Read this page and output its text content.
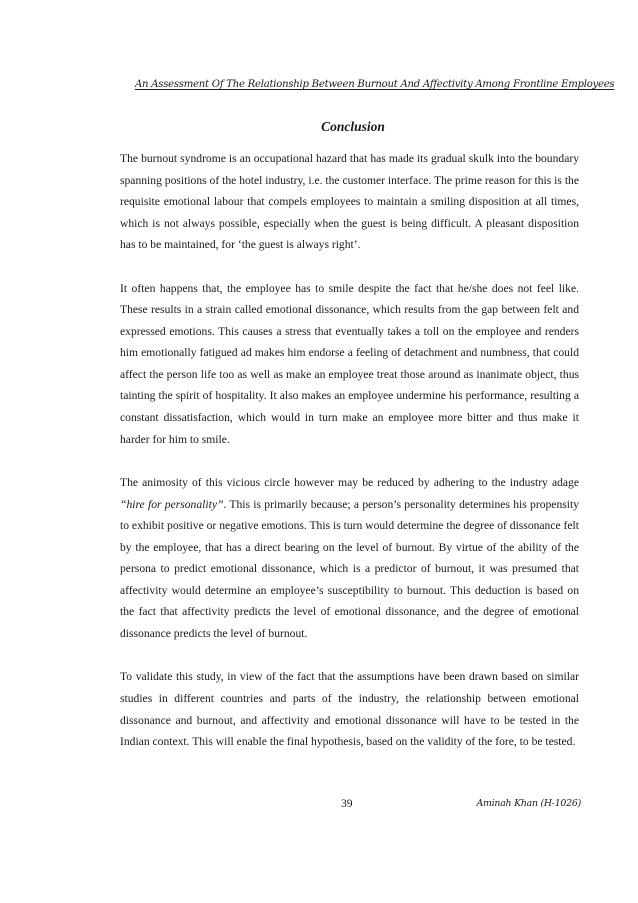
An Assessment Of The Relationship Between Burnout And Affectivity Among Frontline Employees
Conclusion

The burnout syndrome is an occupational hazard that has made its gradual skulk into the boundary spanning positions of the hotel industry, i.e. the customer interface. The prime reason for this is the requisite emotional labour that compels employees to maintain a smiling disposition at all times, which is not always possible, especially when the guest is being difficult. A pleasant disposition has to be maintained, for ‘the guest is always right’.

It often happens that, the employee has to smile despite the fact that he/she does not feel like. These results in a strain called emotional dissonance, which results from the gap between felt and expressed emotions. This causes a stress that eventually takes a toll on the employee and renders him emotionally fatigued ad makes him endorse a feeling of detachment and numbness, that could affect the person life too as well as make an employee treat those around as inanimate object, thus tainting the spirit of hospitality. It also makes an employee undermine his performance, resulting a constant dissatisfaction, which would in turn make an employee more bitter and thus make it harder for him to smile.

The animosity of this vicious circle however may be reduced by adhering to the industry adage “hire for personality”. This is primarily because; a person’s personality determines his propensity to exhibit positive or negative emotions. This is turn would determine the degree of dissonance felt by the employee, that has a direct bearing on the level of burnout. By virtue of the ability of the persona to predict emotional dissonance, which is a predictor of burnout, it was presumed that affectivity would determine an employee’s susceptibility to burnout. This deduction is based on the fact that affectivity predicts the level of emotional dissonance, and the degree of emotional dissonance predicts the level of burnout.

To validate this study, in view of the fact that the assumptions have been drawn based on similar studies in different countries and parts of the industry, the relationship between emotional dissonance and burnout, and affectivity and emotional dissonance will have to be tested in the Indian context. This will enable the final hypothesis, based on the validity of the fore, to be tested.

39	Aminah Khan (H-1026)
